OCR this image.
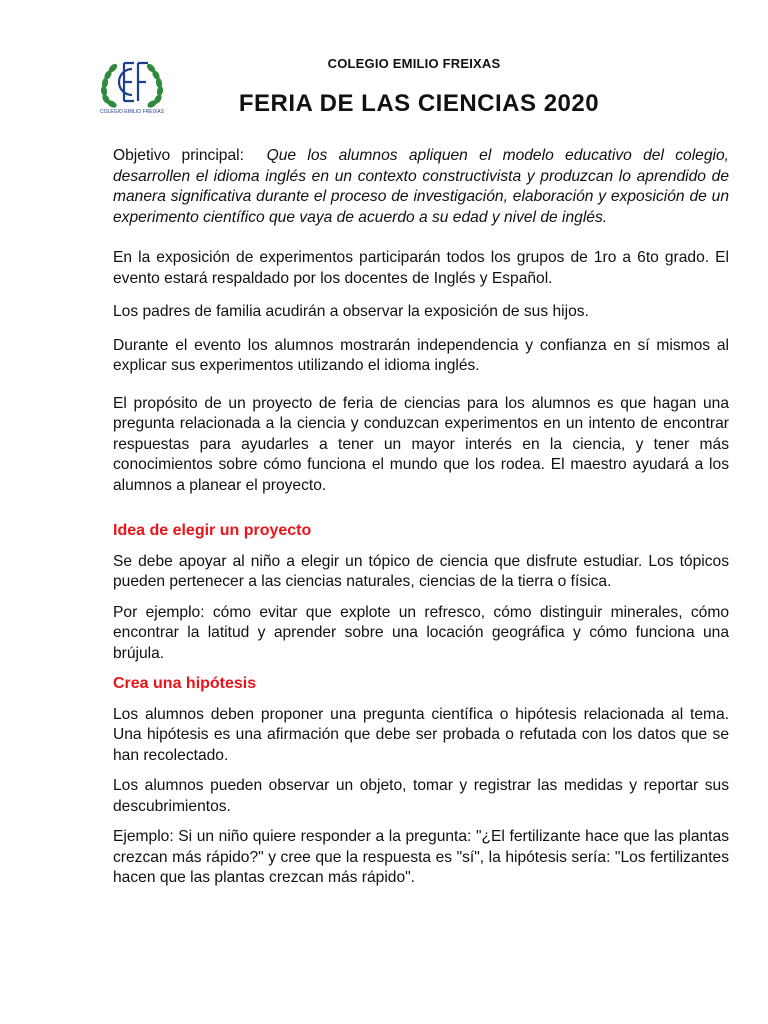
COLEGIO EMILIO FREIXAS
COLEGIO EMILIO FREIXAS
FERIA DE LAS CIENCIAS 2020

Objetivo principal: Que los alumnos apliquen el modelo educativo del colegio, desarrollen el idioma inglés en un contexto constructivista y produzcan lo aprendido de manera significativa durante el proceso de investigación, elaboración y exposición de un experimento científico que vaya de acuerdo a su edad y nivel de inglés.

En la exposición de experimentos participarán todos los grupos de 1ro a 6to grado. El evento estará respaldado por los docentes de Inglés y Español.

Los padres de familia acudirán a observar la exposición de sus hijos.

Durante el evento los alumnos mostrarán independencia y confianza en sí mismos al explicar sus experimentos utilizando el idioma inglés.

El propósito de un proyecto de feria de ciencias para los alumnos es que hagan una pregunta relacionada a la ciencia y conduzcan experimentos en un intento de encontrar respuestas para ayudarles a tener un mayor interés en la ciencia, y tener más conocimientos sobre cómo funciona el mundo que los rodea. El maestro ayudará a los alumnos a planear el proyecto.

Idea de elegir un proyecto

Se debe apoyar al niño a elegir un tópico de ciencia que disfrute estudiar. Los tópicos pueden pertenecer a las ciencias naturales, ciencias de la tierra o física.

Por ejemplo: cómo evitar que explote un refresco, cómo distinguir minerales, cómo encontrar la latitud y aprender sobre una locación geográfica y cómo funciona una brújula.

Crea una hipótesis

Los alumnos deben proponer una pregunta científica o hipótesis relacionada al tema. Una hipótesis es una afirmación que debe ser probada o refutada con los datos que se han recolectado.

Los alumnos pueden observar un objeto, tomar y registrar las medidas y reportar sus descubrimientos.

Ejemplo: Si un niño quiere responder a la pregunta: "¿El fertilizante hace que las plantas crezcan más rápido?" y cree que la respuesta es "sí", la hipótesis sería: "Los fertilizantes hacen que las plantas crezcan más rápido".
